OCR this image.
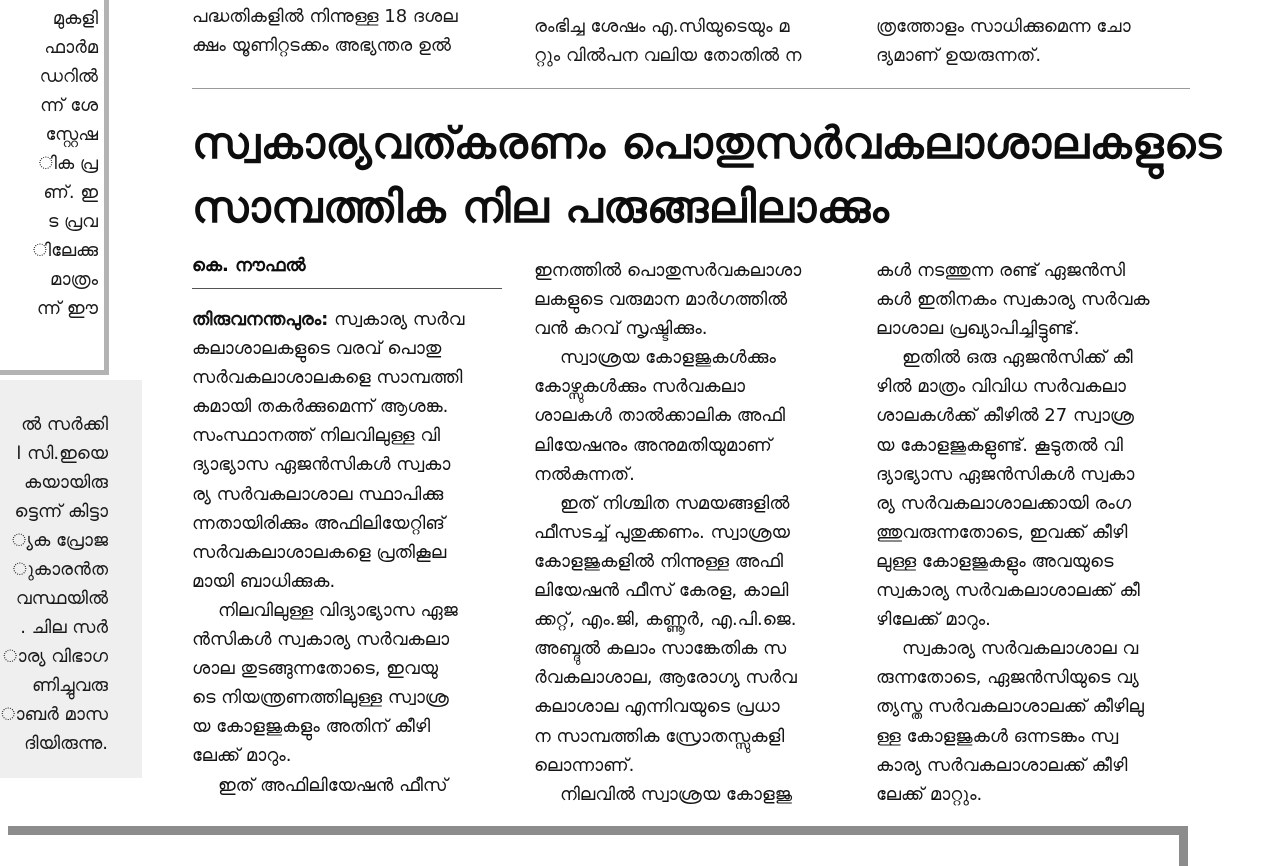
മുകളി
ഫാർമ
ഡറിൽ
ന്ന് ശേ
സ്റ്റേഷ
ിക പ്ര
ണ്. ഇ
ട പ്രവ
ിലേക്കു
മാത്രം
ന്ന് ഈ
ൽ സർക്കി
l സി.ഇയെ
കയായിരു
ട്ടെന്ന് കിട്ടാ
്യക പ്രോജ
ുകാരൻത
വസ്ഥയിൽ
. ചില സർ
ാര്യ വിഭാഗ
ണിച്ചുവരു
ാബർ മാസ
ദിയിരുന്നു.
പദ്ധതികളിൽ നിന്നുള്ള 18 ദശല
ക്ഷം യൂണിറ്റടക്കം അഭ്യന്തര ഉൽ
രംഭിച്ച ശേഷം എ.സിയുടെയും മ
റ്റും വിൽപന വലിയ തോതിൽ ന
ത്രത്തോളം സാധിക്കുമെന്ന ചോ
ദ്യമാണ് ഉയരുന്നത്.
സ്വകാര്യവത്കരണം പൊതുസർവകലാശാലകളുടെ
സാമ്പത്തിക നില പരുങ്ങലിലാക്കും
കെ. നൗഫൽ
തിരുവനന്തപുരം: സ്വകാര്യ സർവ
കലാശാലകളുടെ വരവ് പൊതു
സർവകലാശാലകളെ സാമ്പത്തി
കമായി തകർക്കുമെന്ന് ആശങ്ക.
സംസ്ഥാനത്ത് നിലവിലുള്ള വി
ദ്യാഭ്യാസ ഏജൻസികൾ സ്വകാ
ര്യ സർവകലാശാല സ്ഥാപിക്കു
ന്നതായിരിക്കും അഫിലിയേറ്റിങ്
സർവകലാശാലകളെ പ്രതികൂല
മായി ബാധിക്കുക.
നിലവിലുള്ള വിദ്യാഭ്യാസ ഏജ
ൻസികൾ സ്വകാര്യ സർവകലാ
ശാല തുടങ്ങുന്നതോടെ, ഇവയു
ടെ നിയന്ത്രണത്തിലുള്ള സ്വാശ്ര
യ കോളജുകളും അതിന് കീഴി
ലേക്ക് മാറും.
ഇത് അഫിലിയേഷൻ ഫീസ്
ഇനത്തിൽ പൊതുസർവകലാശാ
ലകളുടെ വരുമാന മാർഗത്തിൽ
വൻ കുറവ് സൃഷ്ടിക്കും.
സ്വാശ്രയ കോളജുകൾക്കും
കോഴ്സുകൾക്കും സർവകലാ
ശാലകൾ താൽക്കാലിക അഫി
ലിയേഷനും അനുമതിയുമാണ്
നൽകുന്നത്.
ഇത് നിശ്ചിത സമയങ്ങളിൽ
ഫീസടച്ച് പുതുക്കണം. സ്വാശ്രയ
കോളജുകളിൽ നിന്നുള്ള അഫി
ലിയേഷൻ ഫീസ് കേരള, കാലി
ക്കറ്റ്, എം.ജി, കണ്ണൂർ, എ.പി.ജെ.
അബ്ദുൽ കലാം സാങ്കേതിക സ
ർവകലാശാല, ആരോഗ്യ സർവ
കലാശാല എന്നിവയുടെ പ്രധാ
ന സാമ്പത്തിക സ്രോതസ്സുകളി
ലൊന്നാണ്.
നിലവിൽ സ്വാശ്രയ കോളജു
കൾ നടത്തുന്ന രണ്ട് ഏജൻസി
കൾ ഇതിനകം സ്വകാര്യ സർവക
ലാശാല പ്രഖ്യാപിച്ചിട്ടുണ്ട്.
ഇതിൽ ഒരു ഏജൻസിക്ക് കീ
ഴിൽ മാത്രം വിവിധ സർവകലാ
ശാലകൾക്ക് കീഴിൽ 27 സ്വാശ്ര
യ കോളജുകളുണ്ട്. കൂടുതൽ വി
ദ്യാഭ്യാസ ഏജൻസികൾ സ്വകാ
ര്യ സർവകലാശാലക്കായി രംഗ
ത്തുവരുന്നതോടെ, ഇവക്ക് കീഴി
ലുള്ള കോളജുകളും അവയുടെ
സ്വകാര്യ സർവകലാശാലക്ക് കീ
ഴിലേക്ക് മാറും.
സ്വകാര്യ സർവകലാശാല വ
രുന്നതോടെ, ഏജൻസിയുടെ വ്യ
ത്യസ്ത സർവകലാശാലക്ക് കീഴിലു
ള്ള കോളജുകൾ ഒന്നടങ്കം സ്വ
കാര്യ സർവകലാശാലക്ക് കീഴി
ലേക്ക് മാറ്റും.
